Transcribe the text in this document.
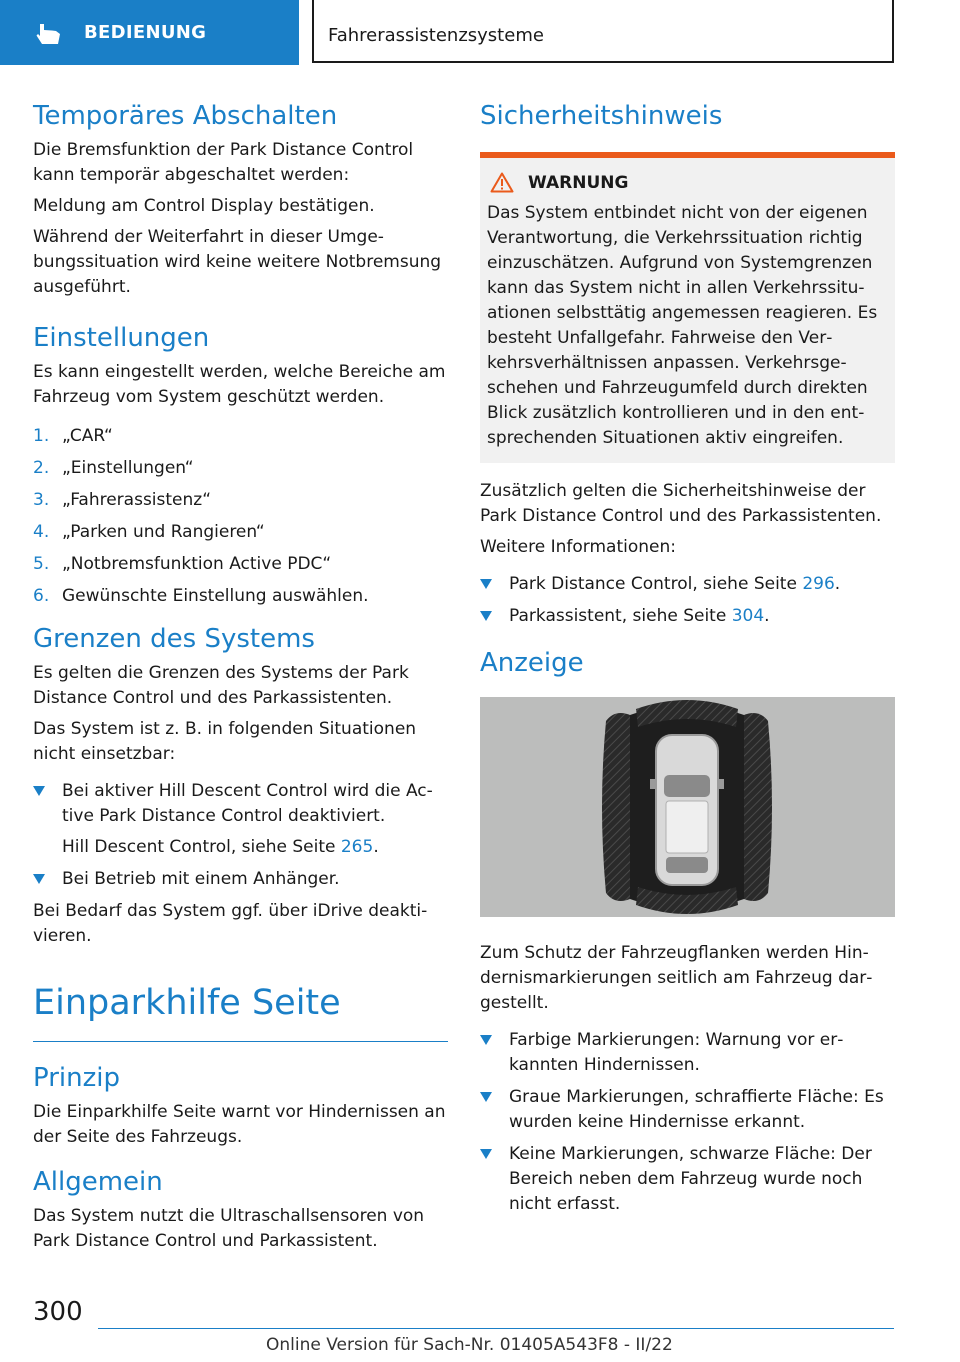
BEDIENUNG	Fahrerassistenzsysteme
Temporäres Abschalten

Die Bremsfunktion der Park Distance Control kann temporär abgeschaltet werden:

Meldung am Control Display bestätigen.

Während der Weiterfahrt in dieser Umgebungssituation wird keine weitere Notbremsung ausgeführt.

Einstellungen

Es kann eingestellt werden, welche Bereiche am Fahrzeug vom System geschützt werden.

1. „CAR“
2. „Einstellungen“
3. „Fahrerassistenz“
4. „Parken und Rangieren“
5. „Notbremsfunktion Active PDC“
6. Gewünschte Einstellung auswählen.
Grenzen des Systems

Es gelten die Grenzen des Systems der Park Distance Control und des Parkassistenten.

Das System ist z. B. in folgenden Situationen nicht einsetzbar:

Bei aktiver Hill Descent Control wird die Active Park Distance Control deaktiviert.

Hill Descent Control, siehe Seite 265.

Bei Betrieb mit einem Anhänger.

Bei Bedarf das System ggf. über iDrive deaktivieren.

Einparkhilfe Seite
Prinzip

Die Einparkhilfe Seite warnt vor Hindernissen an der Seite des Fahrzeugs.

Allgemein

Das System nutzt die Ultraschallsensoren von Park Distance Control und Parkassistent.

Sicherheitshinweis
WARNUNG

Das System entbindet nicht von der eigenen Verantwortung, die Verkehrssituation richtig einzuschätzen. Aufgrund von Systemgrenzen kann das System nicht in allen Verkehrssituationen selbsttätig angemessen reagieren. Es besteht Unfallgefahr. Fahrweise den Verkehrsverhältnissen anpassen. Verkehrsgeschehen und Fahrzeugumfeld durch direkten Blick zusätzlich kontrollieren und in den entsprechenden Situationen aktiv eingreifen.

Zusätzlich gelten die Sicherheitshinweise der Park Distance Control und des Parkassistenten.

Weitere Informationen:

Park Distance Control, siehe Seite 296.
Parkassistent, siehe Seite 304.
Anzeige

Zum Schutz der Fahrzeugflanken werden Hindernismarkierungen seitlich am Fahrzeug dargestellt.

Farbige Markierungen: Warnung vor erkannten Hindernissen.
Graue Markierungen, schraffierte Fläche: Es wurden keine Hindernisse erkannt.
Keine Markierungen, schwarze Fläche: Der Bereich neben dem Fahrzeug wurde noch nicht erfasst.
300
Online Version für Sach-Nr. 01405A543F8 - II/22
